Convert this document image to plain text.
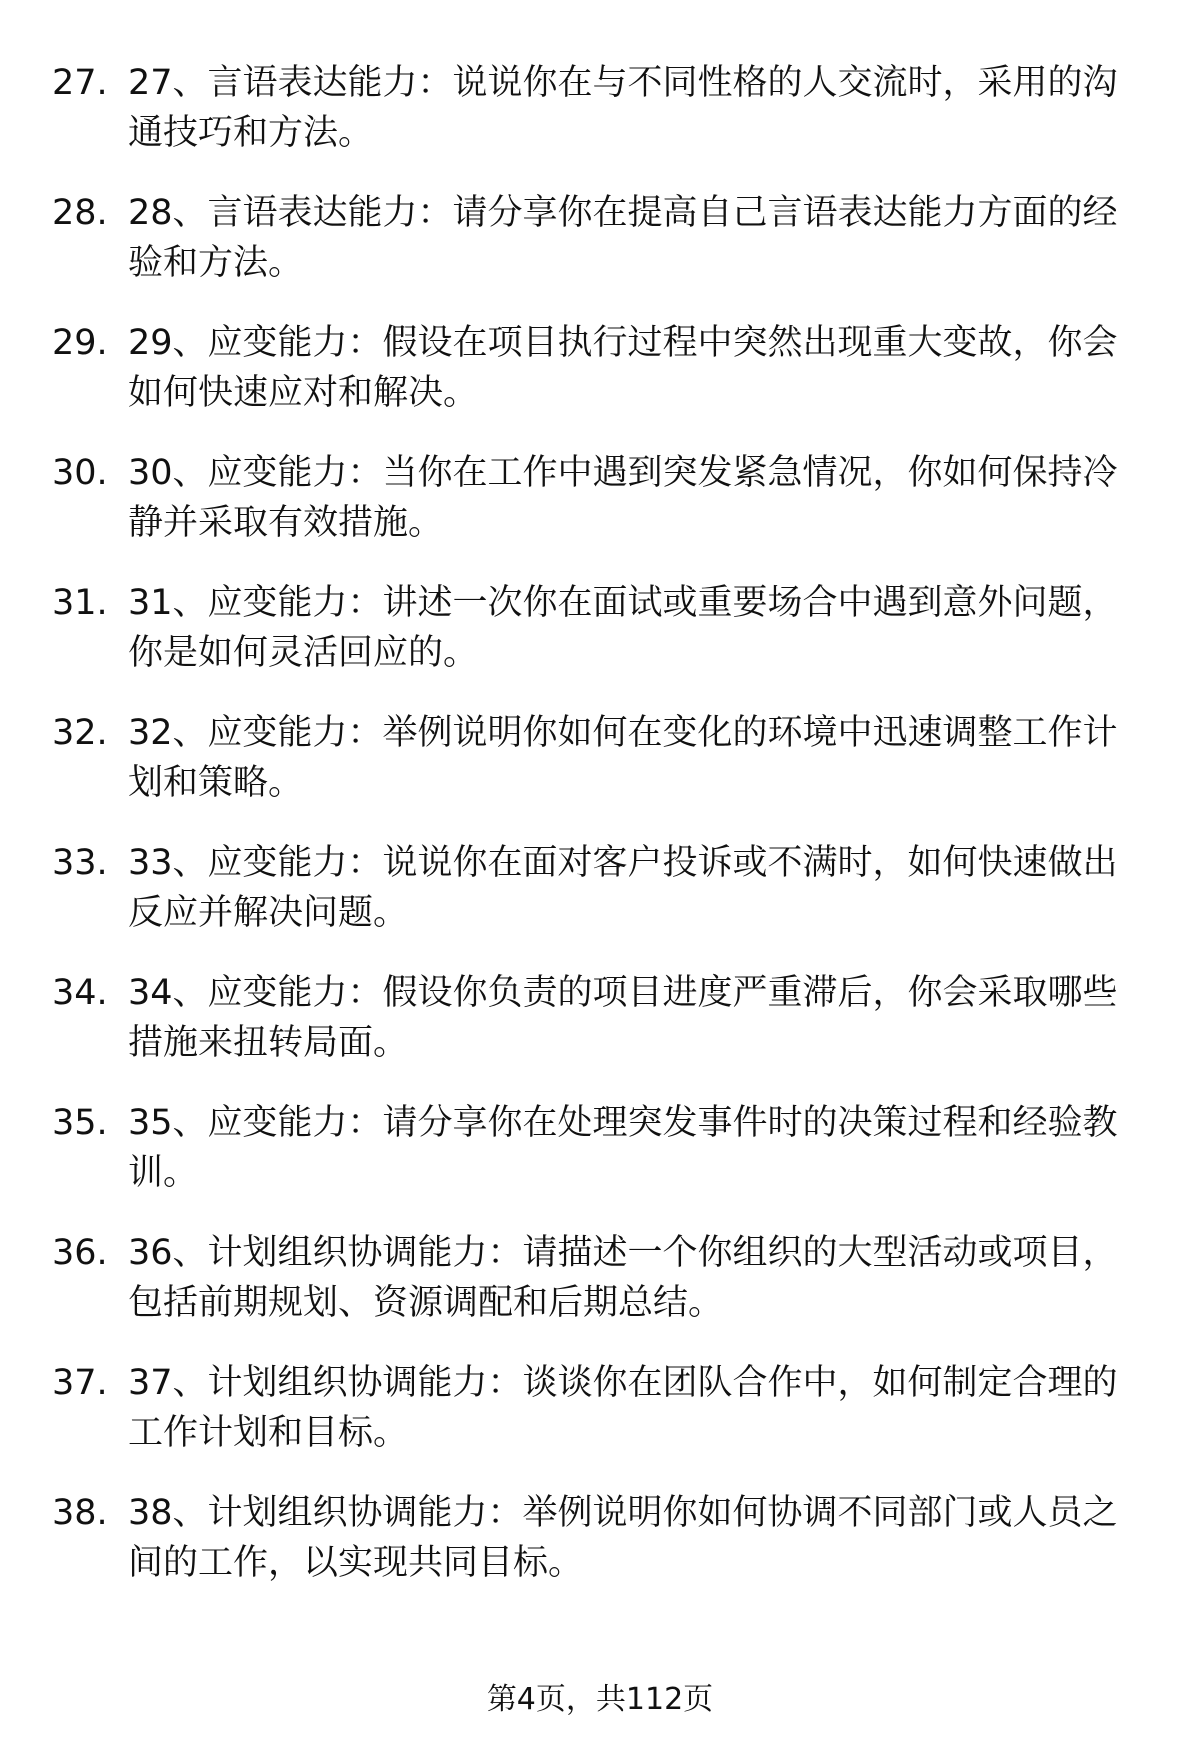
27. 27、言语表达能力：说说你在与不同性格的人交流时，采用的沟通技巧和方法。
28. 28、言语表达能力：请分享你在提高自己言语表达能力方面的经验和方法。
29. 29、应变能力：假设在项目执行过程中突然出现重大变故，你会如何快速应对和解决。
30. 30、应变能力：当你在工作中遇到突发紧急情况，你如何保持冷静并采取有效措施。
31. 31、应变能力：讲述一次你在面试或重要场合中遇到意外问题，你是如何灵活回应的。
32. 32、应变能力：举例说明你如何在变化的环境中迅速调整工作计划和策略。
33. 33、应变能力：说说你在面对客户投诉或不满时，如何快速做出反应并解决问题。
34. 34、应变能力：假设你负责的项目进度严重滞后，你会采取哪些措施来扭转局面。
35. 35、应变能力：请分享你在处理突发事件时的决策过程和经验教训。
36. 36、计划组织协调能力：请描述一个你组织的大型活动或项目，包括前期规划、资源调配和后期总结。
37. 37、计划组织协调能力：谈谈你在团队合作中，如何制定合理的工作计划和目标。
38. 38、计划组织协调能力：举例说明你如何协调不同部门或人员之间的工作，以实现共同目标。
第4页，共112页
